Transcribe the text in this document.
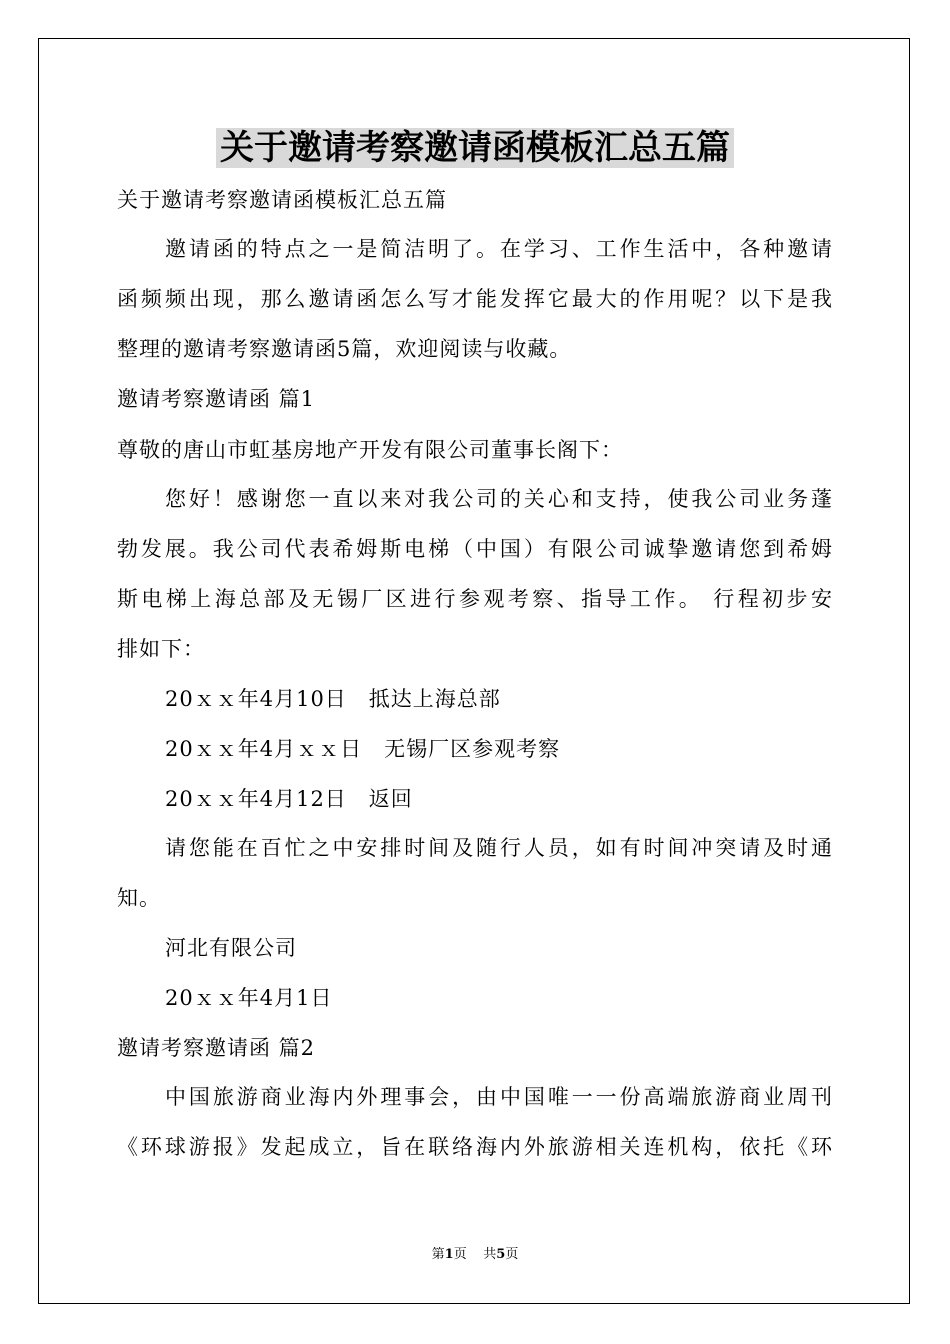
关于邀请考察邀请函模板汇总五篇
关于邀请考察邀请函模板汇总五篇
邀请函的特点之一是简洁明了。在学习、工作生活中，各种邀请
函频频出现，那么邀请函怎么写才能发挥它最大的作用呢？以下是我
整理的邀请考察邀请函5篇，欢迎阅读与收藏。
邀请考察邀请函 篇1
尊敬的唐山市虹基房地产开发有限公司董事长阁下：
您好！感谢您一直以来对我公司的关心和支持，使我公司业务蓬
勃发展。我公司代表希姆斯电梯（中国）有限公司诚挚邀请您到希姆
斯电梯上海总部及无锡厂区进行参观考察、指导工作。 行程初步安
排如下：
20ｘｘ年4月10日　抵达上海总部
20ｘｘ年4月ｘｘ日　无锡厂区参观考察
20ｘｘ年4月12日　返回
请您能在百忙之中安排时间及随行人员，如有时间冲突请及时通
知。
河北有限公司
20ｘｘ年4月1日
邀请考察邀请函 篇2
中国旅游商业海内外理事会，由中国唯一一份高端旅游商业周刊
《环球游报》发起成立，旨在联络海内外旅游相关连机构，依托《环
第1页 共5页
